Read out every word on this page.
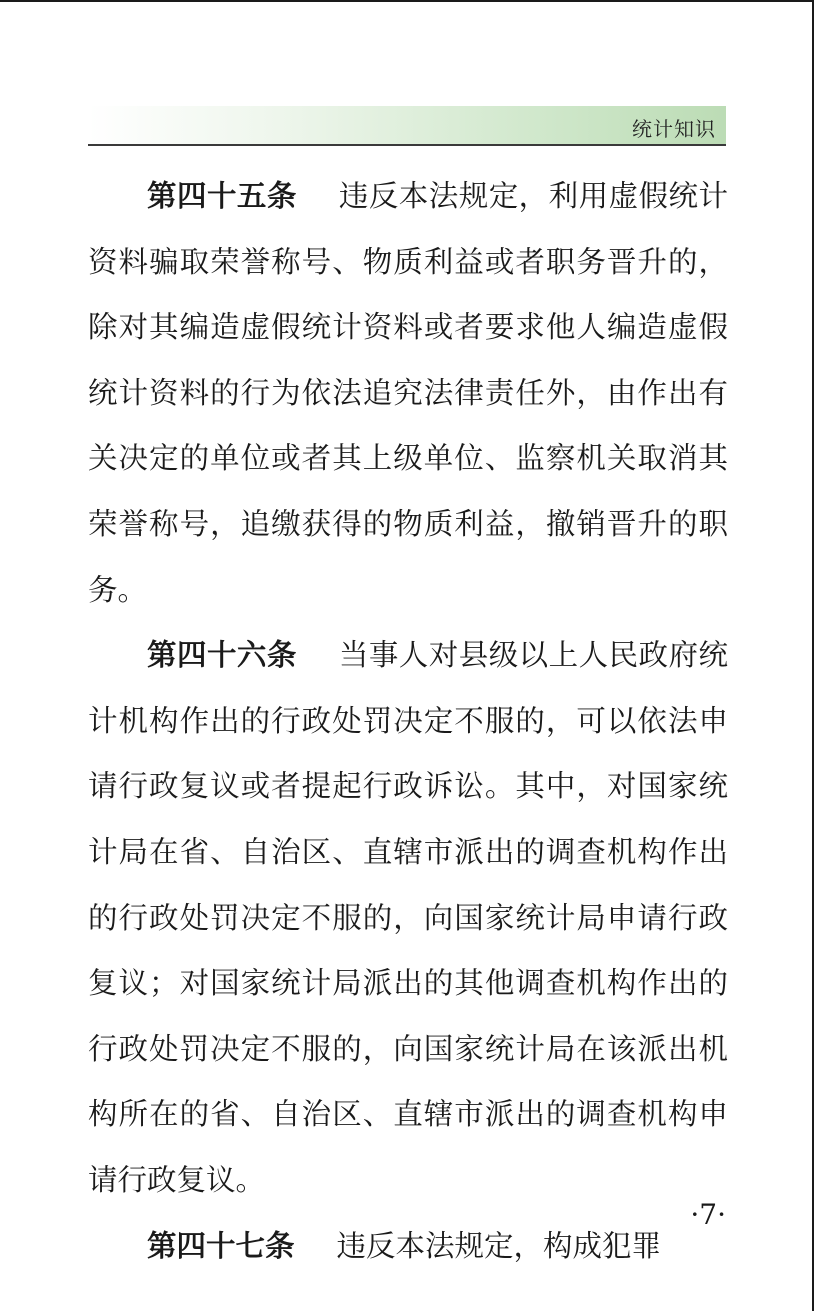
统计知识

第四十五条 违反本法规定，利用虚假统计资料骗取荣誉称号、物质利益或者职务晋升的，除对其编造虚假统计资料或者要求他人编造虚假统计资料的行为依法追究法律责任外，由作出有关决定的单位或者其上级单位、监察机关取消其荣誉称号，追缴获得的物质利益，撤销晋升的职务。

第四十六条 当事人对县级以上人民政府统计机构作出的行政处罚决定不服的，可以依法申请行政复议或者提起行政诉讼。其中，对国家统计局在省、自治区、直辖市派出的调查机构作出的行政处罚决定不服的，向国家统计局申请行政复议；对国家统计局派出的其他调查机构作出的行政处罚决定不服的，向国家统计局在该派出机构所在的省、自治区、直辖市派出的调查机构申请行政复议。

第四十七条 违反本法规定，构成犯罪

·7·
